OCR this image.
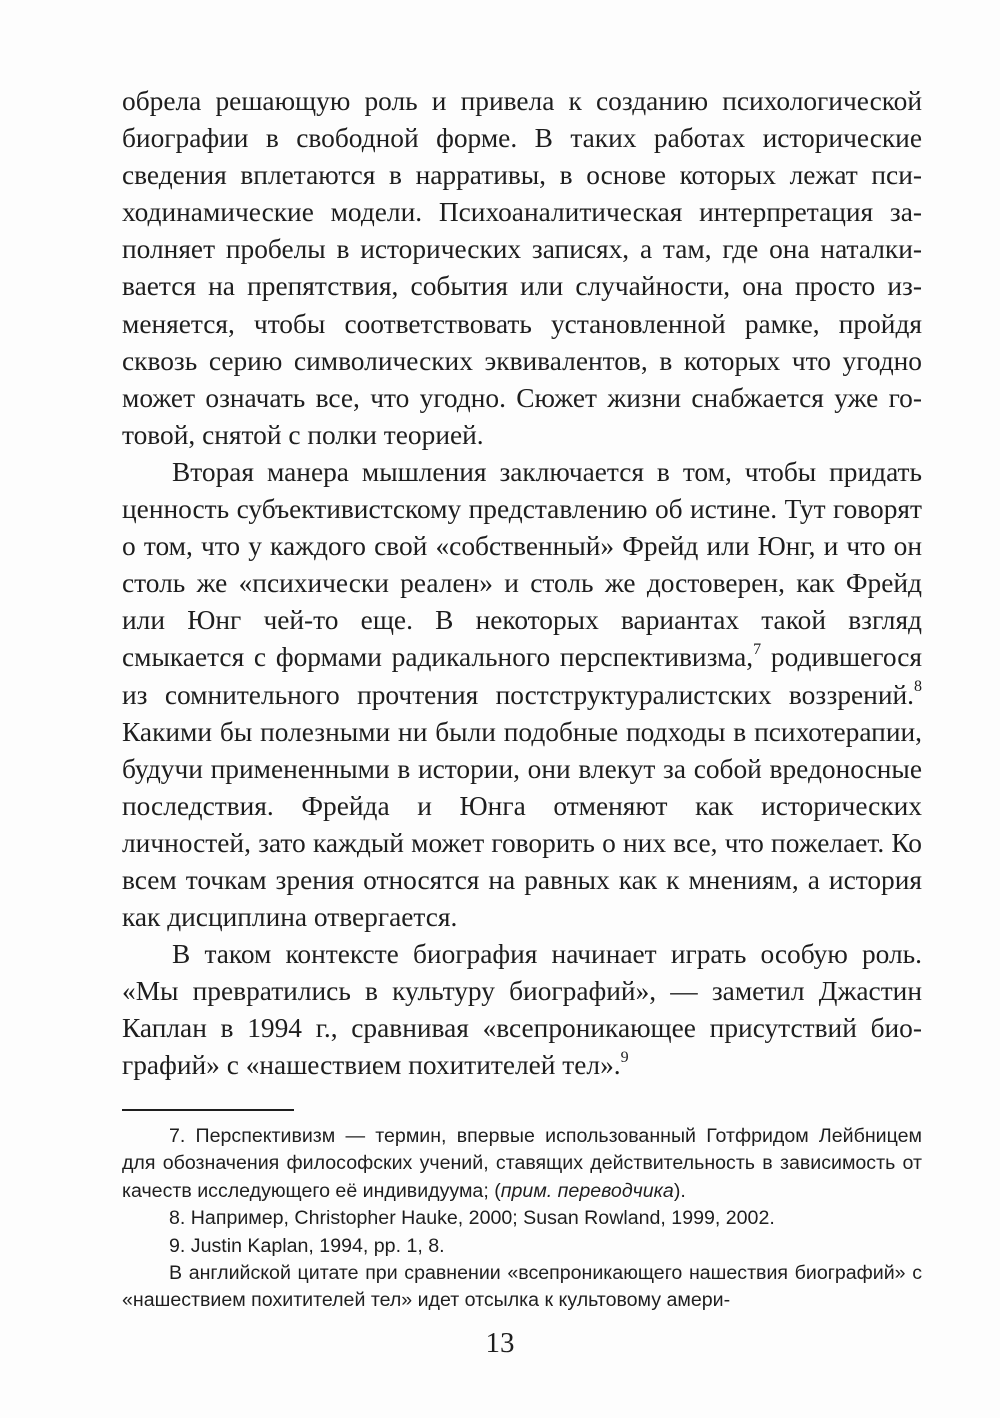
обрела решающую роль и привела к созданию психологической биографии в свободной форме. В таких работах исторические сведения вплетаются в нарративы, в основе которых лежат психодинамические модели. Психоаналитическая интерпретация заполняет пробелы в исторических записях, а там, где она наталкивается на препятствия, события или случайности, она просто изменяется, чтобы соответствовать установленной рамке, пройдя сквозь серию символических эквивалентов, в которых что угодно может означать все, что угодно. Сюжет жизни снабжается уже готовой, снятой с полки теорией.

Вторая манера мышления заключается в том, чтобы придать ценность субъективистскому представлению об истине. Тут говорят о том, что у каждого свой «собственный» Фрейд или Юнг, и что он столь же «психически реален» и столь же достоверен, как Фрейд или Юнг чей-то еще. В некоторых вариантах такой взгляд смыкается с формами радикального перспективизма,$^7$ родившегося из сомнительного прочтения постструктуралистских воззрений.$^8$ Какими бы полезными ни были подобные подходы в психотерапии, будучи примененными в истории, они влекут за собой вредоносные последствия. Фрейда и Юнга отменяют как исторических личностей, зато каждый может говорить о них все, что пожелает. Ко всем точкам зрения относятся на равных как к мнениям, а история как дисциплина отвергается.

В таком контексте биография начинает играть особую роль. «Мы превратились в культуру биографий», — заметил Джастин Каплан в 1994 г., сравнивая «всепроникающее присутствий биографий» с «нашествием похитителей тел».$^9$

7. Перспективизм — термин, впервые использованный Готфридом Лейбницем для обозначения философских учений, ставящих действительность в зависимость от качеств исследующего её индивидуума; (прим. переводчика).

8. Например, Christopher Hauke, 2000; Susan Rowland, 1999, 2002.

9. Justin Kaplan, 1994, pp. 1, 8.

В английской цитате при сравнении «всепроникающего нашествия биографий» с «нашествием похитителей тел» идет отсылка к культовому амери-

13
